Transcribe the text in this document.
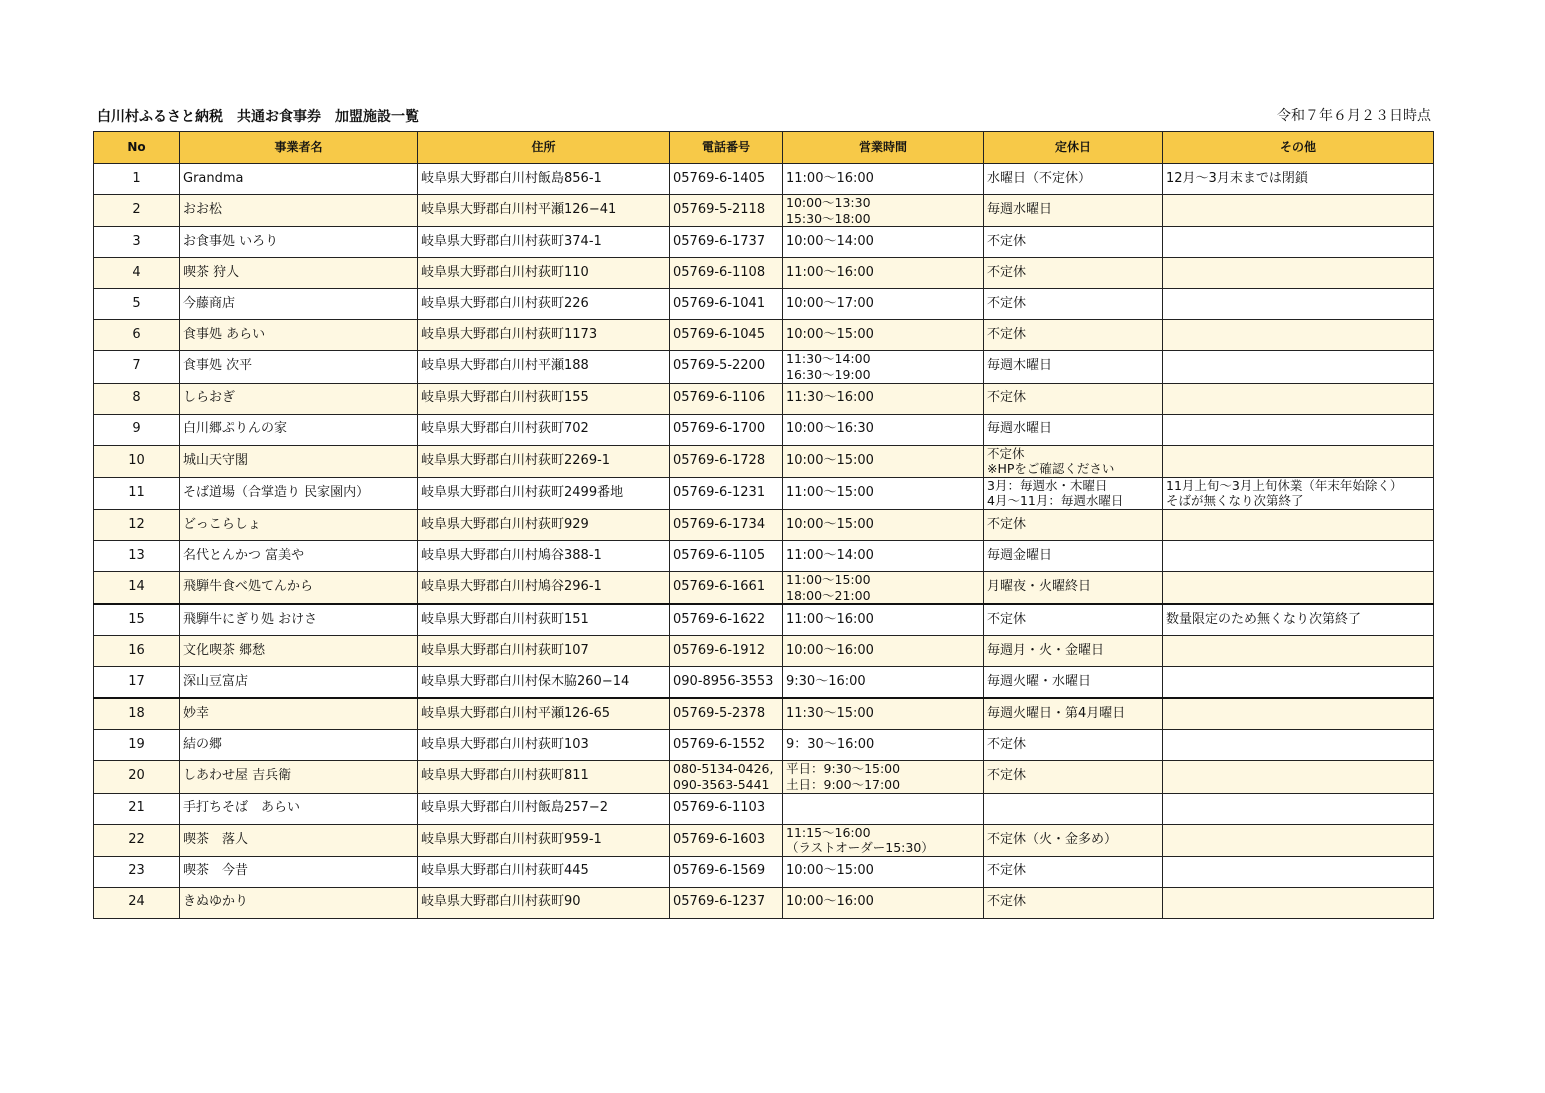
白川村ふるさと納税　共通お食事券　加盟施設一覧	令和７年６月２３日時点
No	事業者名	住所	電話番号	営業時間	定休日	その他
1	Grandma	岐阜県大野郡白川村飯島856-1	05769-6-1405	11:00〜16:00	水曜日（不定休）	12月〜3月末までは閉鎖
2	おお松	岐阜県大野郡白川村平瀬126−41	05769-5-2118	10:00〜13:30
15:30〜18:00	毎週水曜日	
3	お食事処 いろり	岐阜県大野郡白川村荻町374-1	05769-6-1737	10:00〜14:00	不定休	
4	喫茶 狩人	岐阜県大野郡白川村荻町110	05769-6-1108	11:00〜16:00	不定休	
5	今藤商店	岐阜県大野郡白川村荻町226	05769-6-1041	10:00〜17:00	不定休	
6	食事処 あらい	岐阜県大野郡白川村荻町1173	05769-6-1045	10:00〜15:00	不定休	
7	食事処 次平	岐阜県大野郡白川村平瀬188	05769-5-2200	11:30〜14:00
16:30〜19:00	毎週木曜日	
8	しらおぎ	岐阜県大野郡白川村荻町155	05769-6-1106	11:30〜16:00	不定休	
9	白川郷ぷりんの家	岐阜県大野郡白川村荻町702	05769-6-1700	10:00〜16:30	毎週水曜日	
10	城山天守閣	岐阜県大野郡白川村荻町2269-1	05769-6-1728	10:00〜15:00	不定休
※HPをご確認ください	

11	そば道場（合掌造り 民家園内）	岐阜県大野郡白川村荻町2499番地	05769-6-1231	11:00〜15:00	3月：毎週水・木曜日
4月〜11月：毎週水曜日	11月上旬〜3月上旬休業（年末年始除く）
そばが無くなり次第終了

12	どっこらしょ	岐阜県大野郡白川村荻町929	05769-6-1734	10:00〜15:00	不定休	
13	名代とんかつ 富美や	岐阜県大野郡白川村鳩谷388-1	05769-6-1105	11:00〜14:00	毎週金曜日	
14	飛騨牛食べ処てんから	岐阜県大野郡白川村鳩谷296-1	05769-6-1661	11:00〜15:00
18:00〜21:00	月曜夜・火曜終日	
15	飛騨牛にぎり処 おけさ	岐阜県大野郡白川村荻町151	05769-6-1622	11:00〜16:00	不定休	数量限定のため無くなり次第終了
16	文化喫茶 郷愁	岐阜県大野郡白川村荻町107	05769-6-1912	10:00〜16:00	毎週月・火・金曜日	
17	深山豆富店	岐阜県大野郡白川村保木脇260−14	090-8956-3553	9:30〜16:00	毎週火曜・水曜日	
18	妙幸	岐阜県大野郡白川村平瀬126-65	05769-5-2378	11:30〜15:00	毎週火曜日・第4月曜日	
19	結の郷	岐阜県大野郡白川村荻町103	05769-6-1552	9：30〜16:00	不定休	
20	しあわせ屋 吉兵衛	岐阜県大野郡白川村荻町811	080-5134-0426,
090-3563-5441	平日：9:30〜15:00
土日：9:00〜17:00	不定休	
21	手打ちそば　あらい	岐阜県大野郡白川村飯島257−2	05769-6-1103			
22	喫茶　落人	岐阜県大野郡白川村荻町959-1	05769-6-1603	11:15〜16:00
（ラストオーダー15:30）	不定休（火・金多め）	
23	喫茶　今昔	岐阜県大野郡白川村荻町445	05769-6-1569	10:00〜15:00	不定休	
24	きぬゆかり	岐阜県大野郡白川村荻町90	05769-6-1237	10:00〜16:00	不定休	
